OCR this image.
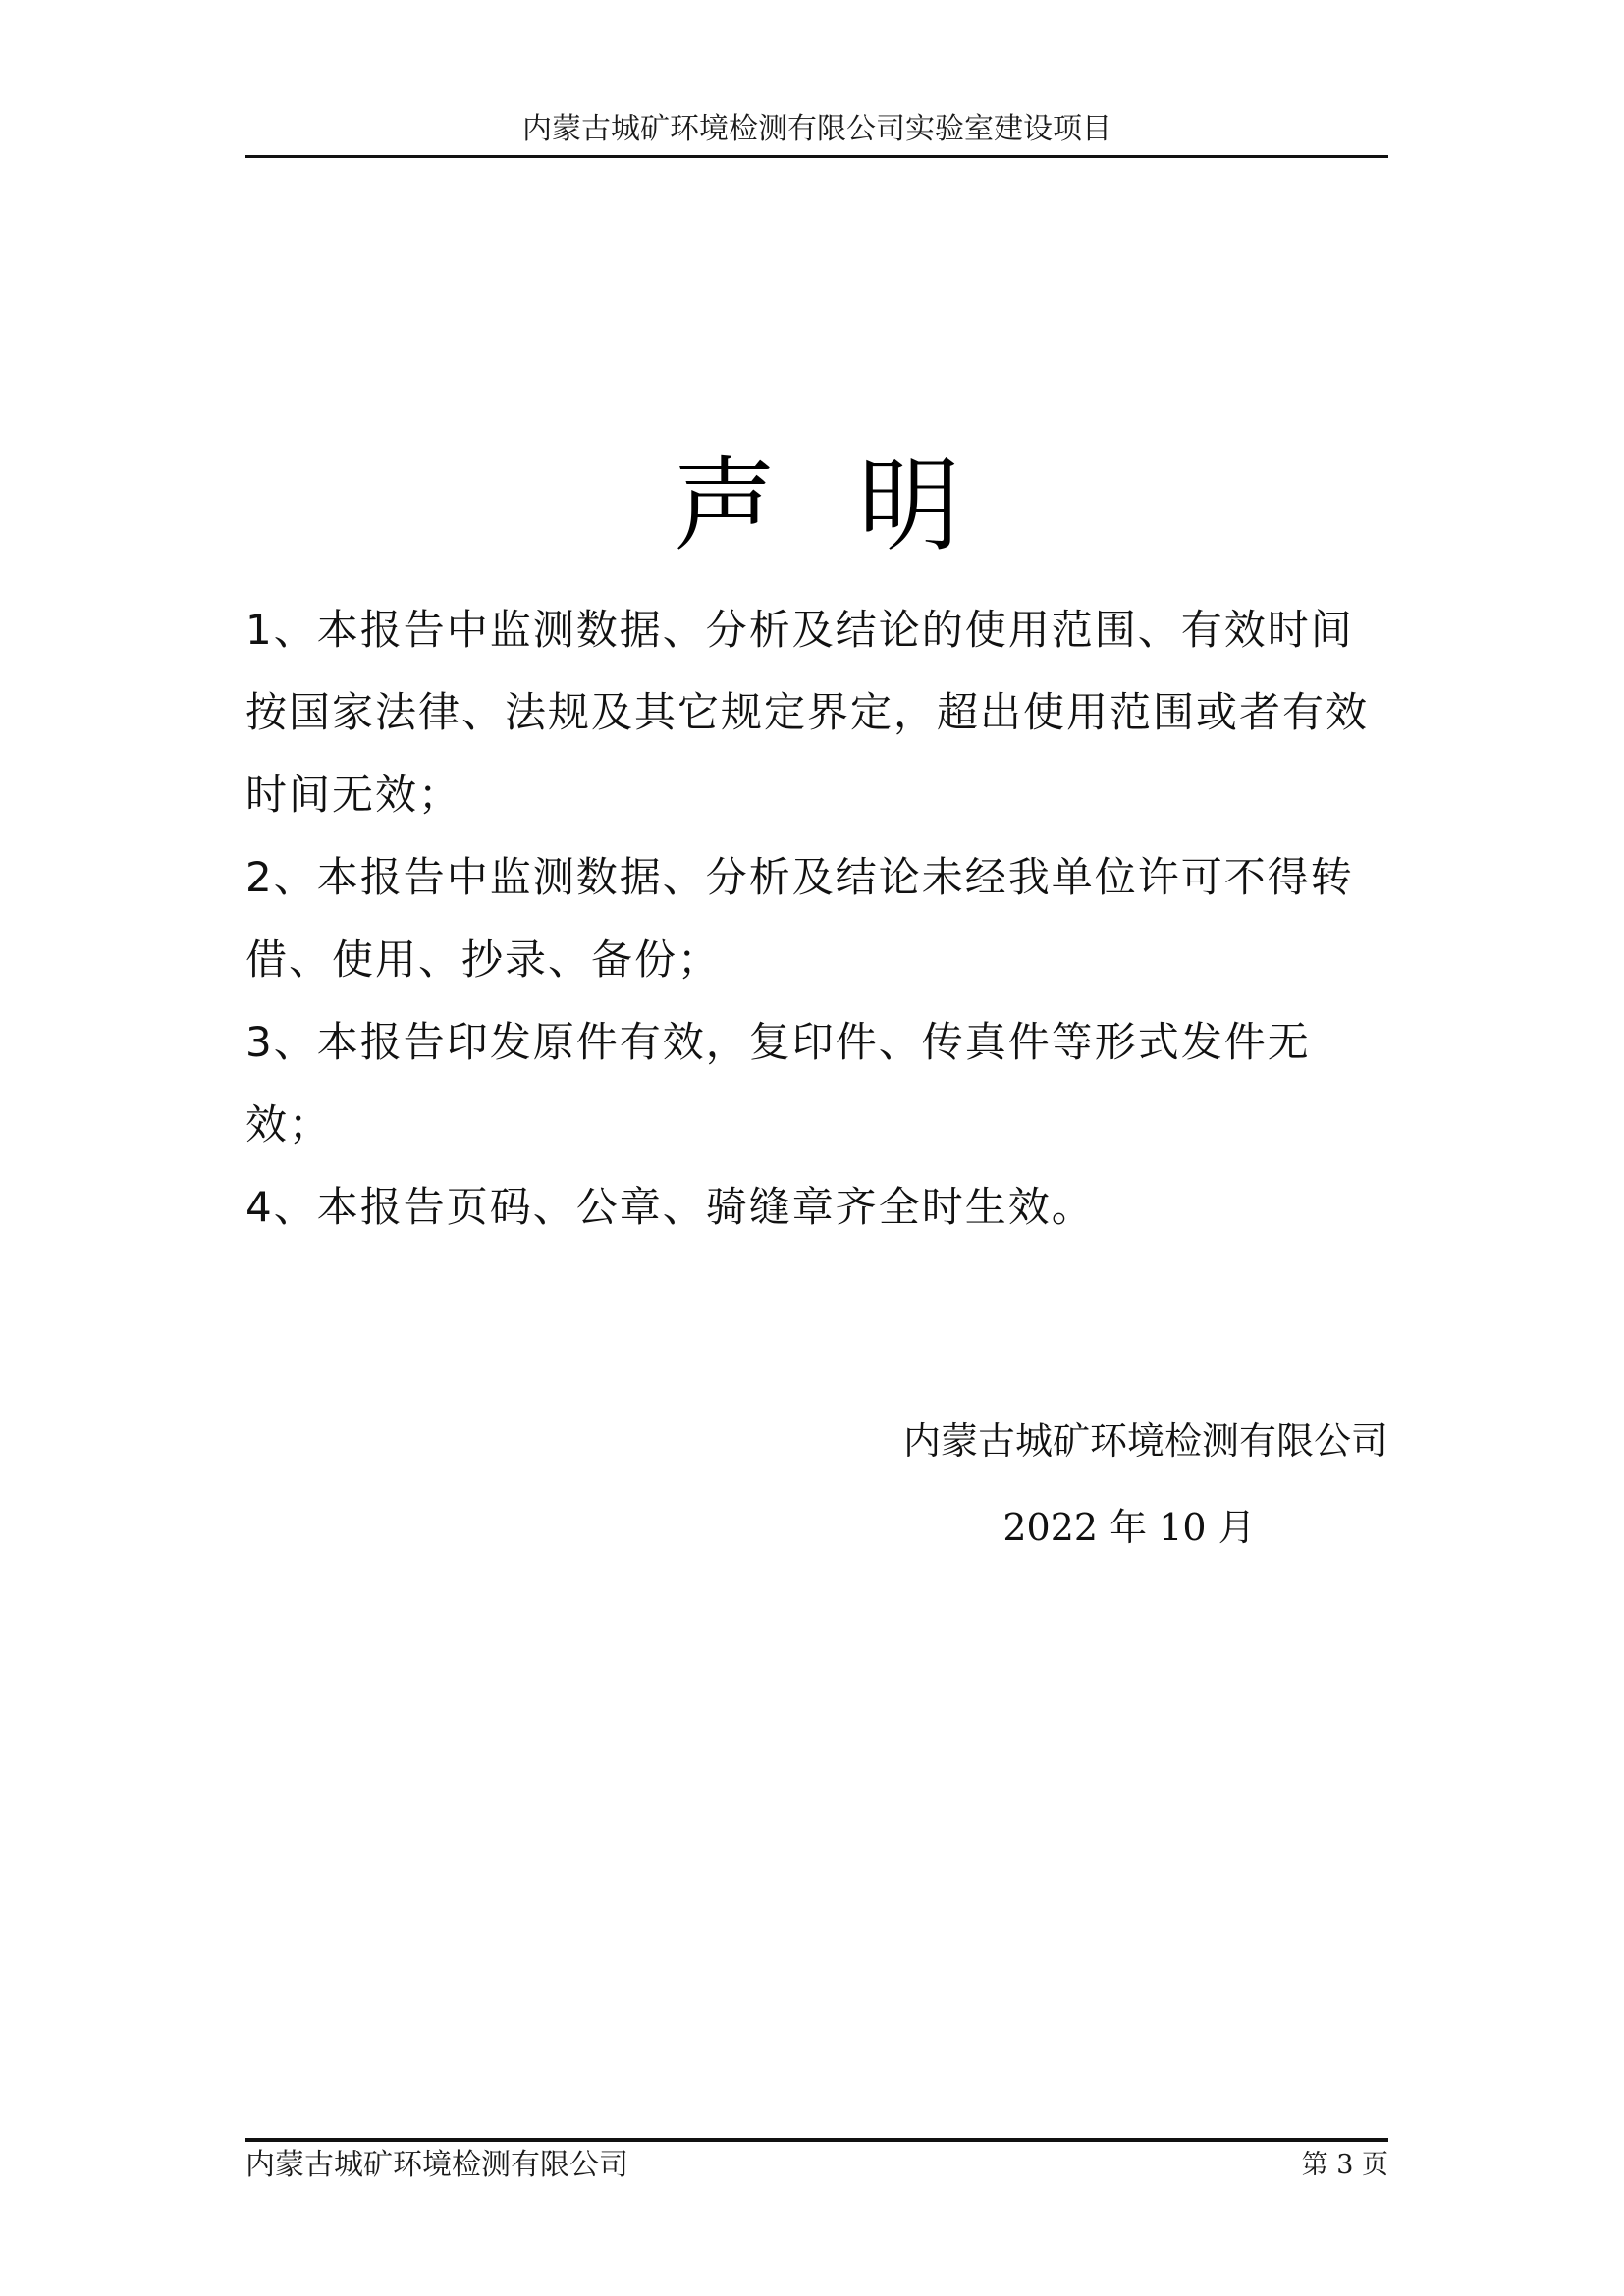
内蒙古城矿环境检测有限公司实验室建设项目
声明

1、本报告中监测数据、分析及结论的使用范围、有效时间按国家法律、法规及其它规定界定，超出使用范围或者有效时间无效；

2、本报告中监测数据、分析及结论未经我单位许可不得转借、使用、抄录、备份；

3、本报告印发原件有效，复印件、传真件等形式发件无效；

4、本报告页码、公章、骑缝章齐全时生效。

内蒙古城矿环境检测有限公司
2022 年 10 月
内蒙古城矿环境检测有限公司	第 3 页
